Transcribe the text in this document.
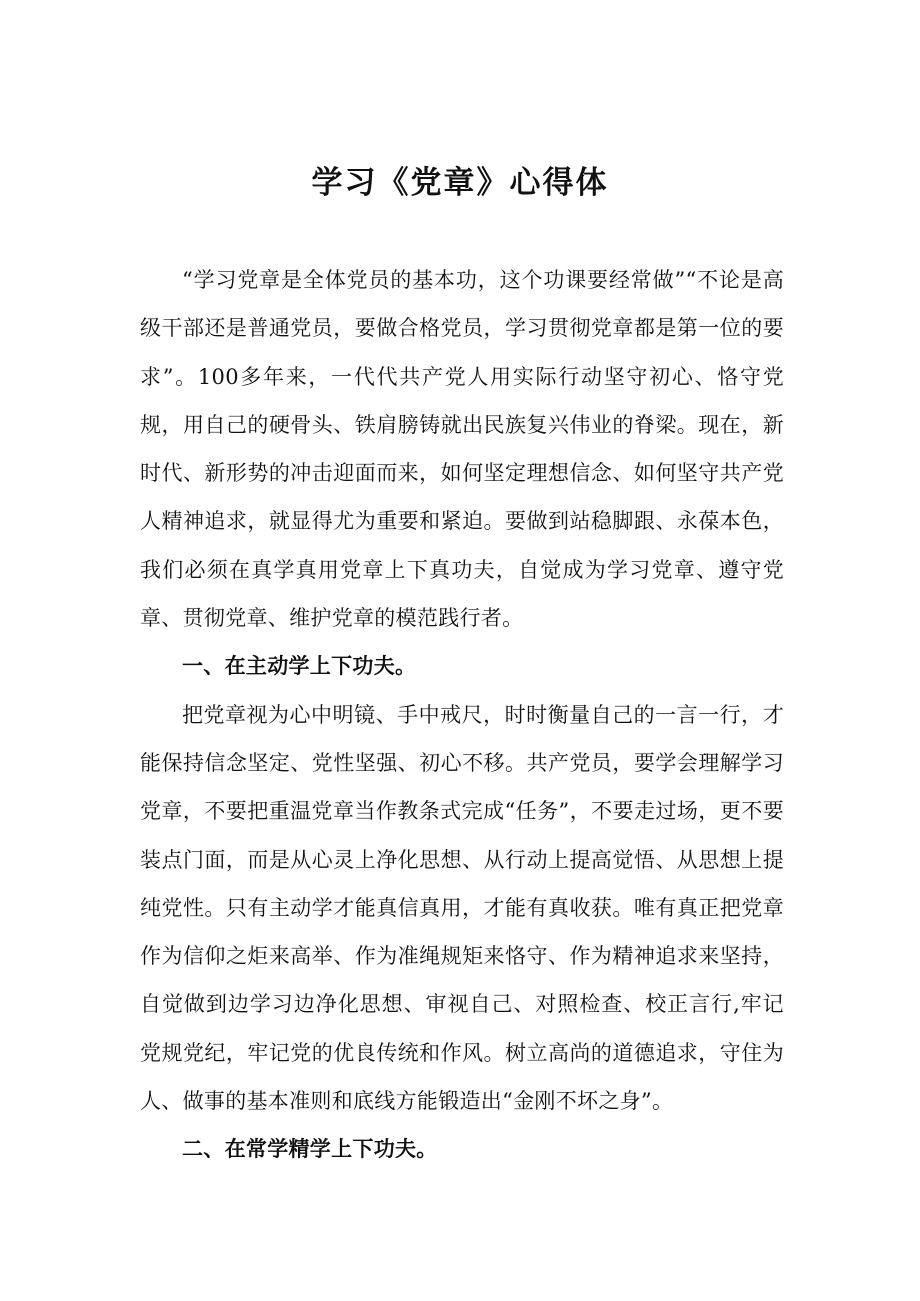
学习《党章》心得体

“学习党章是全体党员的基本功，这个功课要经常做”“不论是高级干部还是普通党员，要做合格党员，学习贯彻党章都是第一位的要求”。100多年来，一代代共产党人用实际行动坚守初心、恪守党规，用自己的硬骨头、铁肩膀铸就出民族复兴伟业的脊梁。现在，新时代、新形势的冲击迎面而来，如何坚定理想信念、如何坚守共产党人精神追求，就显得尤为重要和紧迫。要做到站稳脚跟、永葆本色，我们必须在真学真用党章上下真功夫，自觉成为学习党章、遵守党章、贯彻党章、维护党章的模范践行者。

一、在主动学上下功夫。

把党章视为心中明镜、手中戒尺，时时衡量自己的一言一行，才能保持信念坚定、党性坚强、初心不移。共产党员，要学会理解学习党章，不要把重温党章当作教条式完成“任务”，不要走过场，更不要装点门面，而是从心灵上净化思想、从行动上提高觉悟、从思想上提纯党性。只有主动学才能真信真用，才能有真收获。唯有真正把党章作为信仰之炬来高举、作为准绳规矩来恪守、作为精神追求来坚持，自觉做到边学习边净化思想、审视自己、对照检查、校正言行,牢记党规党纪，牢记党的优良传统和作风。树立高尚的道德追求，守住为人、做事的基本准则和底线方能锻造出“金刚不坏之身”。

二、在常学精学上下功夫。
